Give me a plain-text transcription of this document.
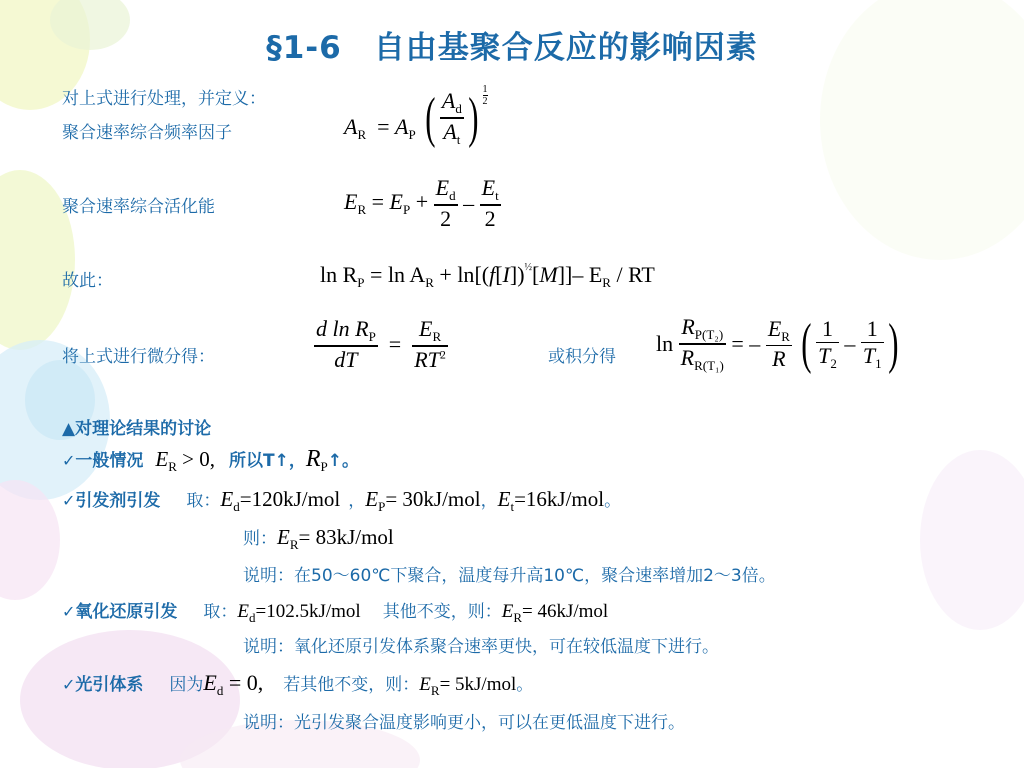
§1-6　自由基聚合反应的影响因素
对上式进行处理，并定义：
聚合速率综合频率因子	$A_R = A_P$ ( $\frac{A_d}{A_t}$ ) $\frac{1}{2}$
聚合速率综合活化能	$E_R = E_P + \frac{E_d}{2} - \frac{E_t}{2}$
故此：	$\ln R_P = \ln A_R + \ln[(f[I])^{\frac{1}{2}}[M]]-$ $E_R$ / RT
将上式进行微分得：	$\frac{d \ln R_P}{dT} = \frac{E_R}{RT^2}$	或积分得
$\ln \frac{R_{P(T_2)}}{R_{R(T_1)}}$ = – $\frac{E_R}{R}$ ( $\frac{1}{T_2} - \frac{1}{T_1}$ )
▲对理论结果的讨论
✓ 一般情况 $E_R > 0$, 所以T↑， $R_P$ ↑。
✓ 引发剂引发 取： $E_d=120kJ$/mol ， $E_P= 30kJ/mol$ ， $E_t=16kJ$/mol 。
则： $E_R= 83kJ/mol$
说明：在50～60℃下聚合，温度每升高10℃，聚合速率增加2～3倍。
✓ 氧化还原引发 取： $E_d=102.5kJ$/mol 其他不变，则： $E_R= 46kJ/mol$
说明：氧化还原引发体系聚合速率更快，可在较低温度下进行。
✓ 光引体系 因为 $E_d = 0$, 若其他不变，则： $E_R= 5kJ/mol$ 。
说明：光引发聚合温度影响更小，可以在更低温度下进行。
